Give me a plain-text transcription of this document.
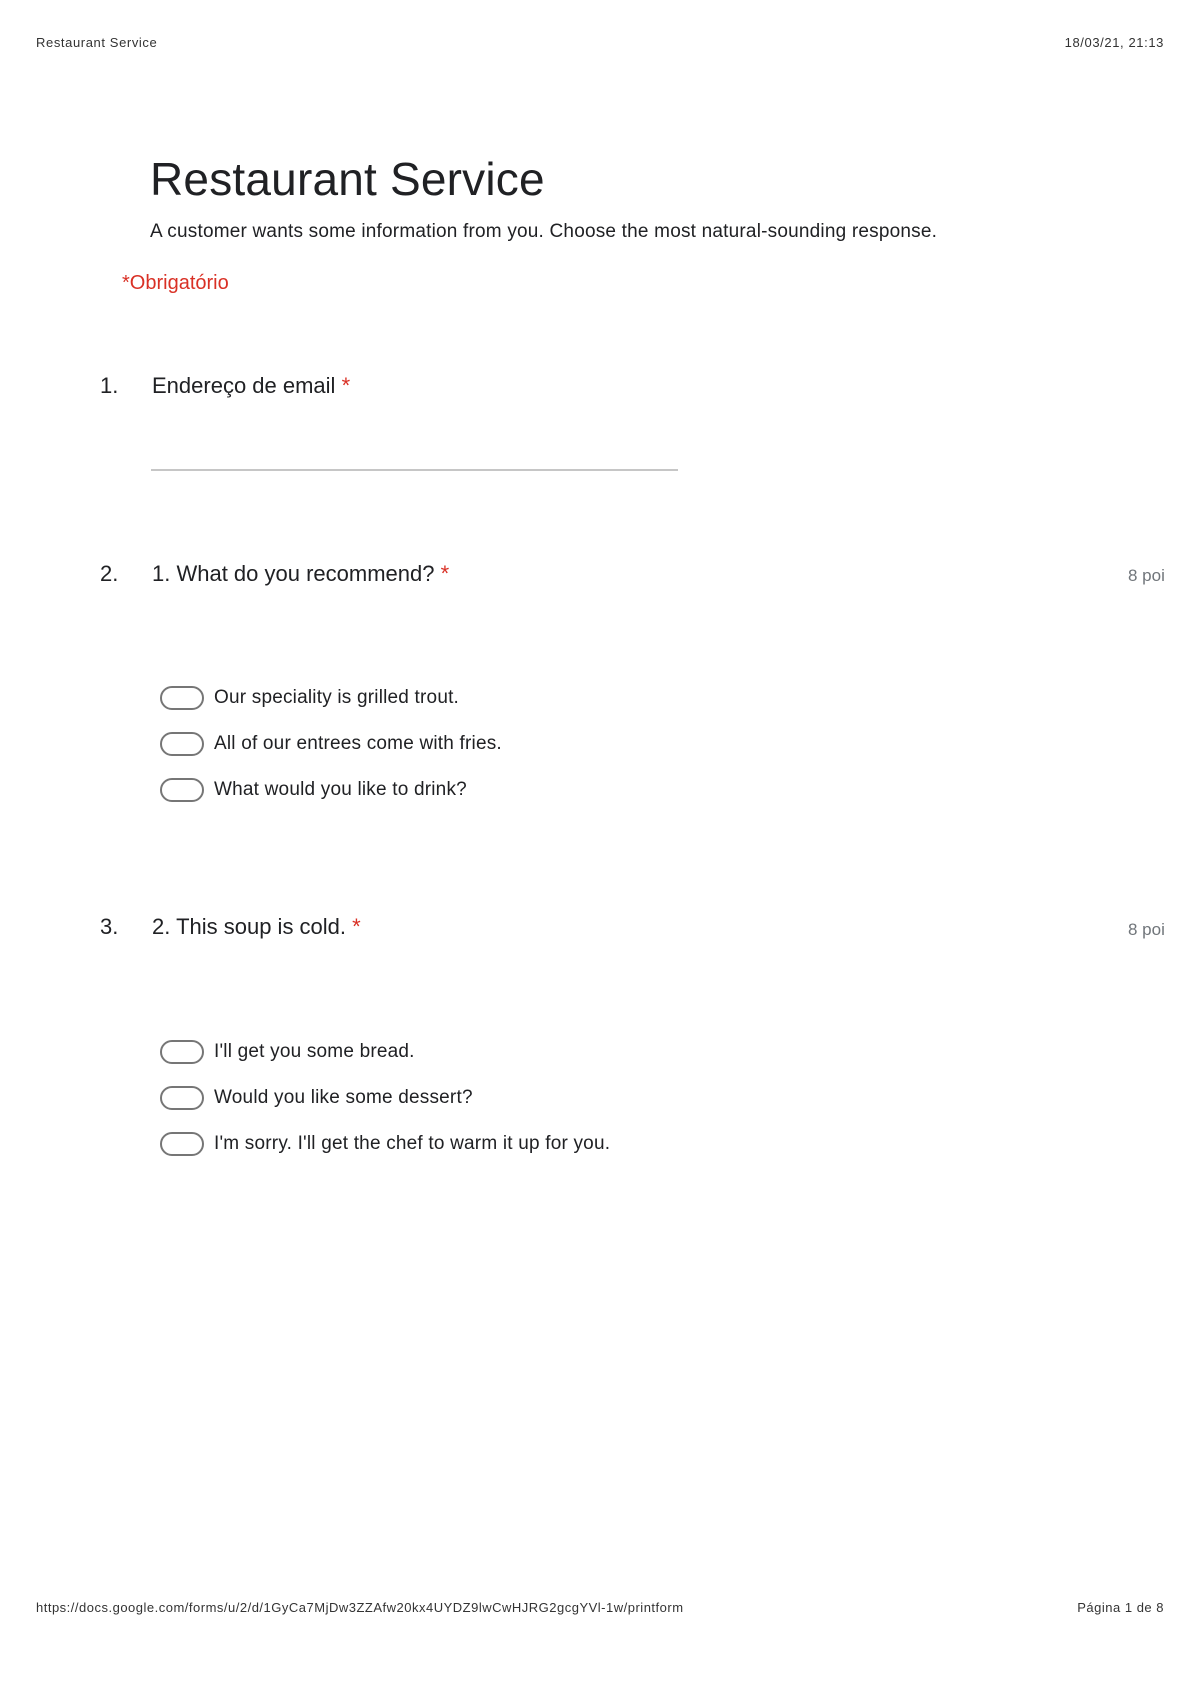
Restaurant Service	18/03/21, 21:13
Restaurant Service
A customer wants some information from you. Choose the most natural-sounding response.
*Obrigatório
1. Endereço de email *
2. 1. What do you recommend? *	8 poi
Our speciality is grilled trout.
All of our entrees come with fries.
What would you like to drink?
3. 2. This soup is cold. *	8 poi
I'll get you some bread.
Would you like some dessert?
I'm sorry. I'll get the chef to warm it up for you.
https://docs.google.com/forms/u/2/d/1GyCa7MjDw3ZZAfw20kx4UYDZ9lwCwHJRG2gcgYVl-1w/printform	Página 1 de 8
